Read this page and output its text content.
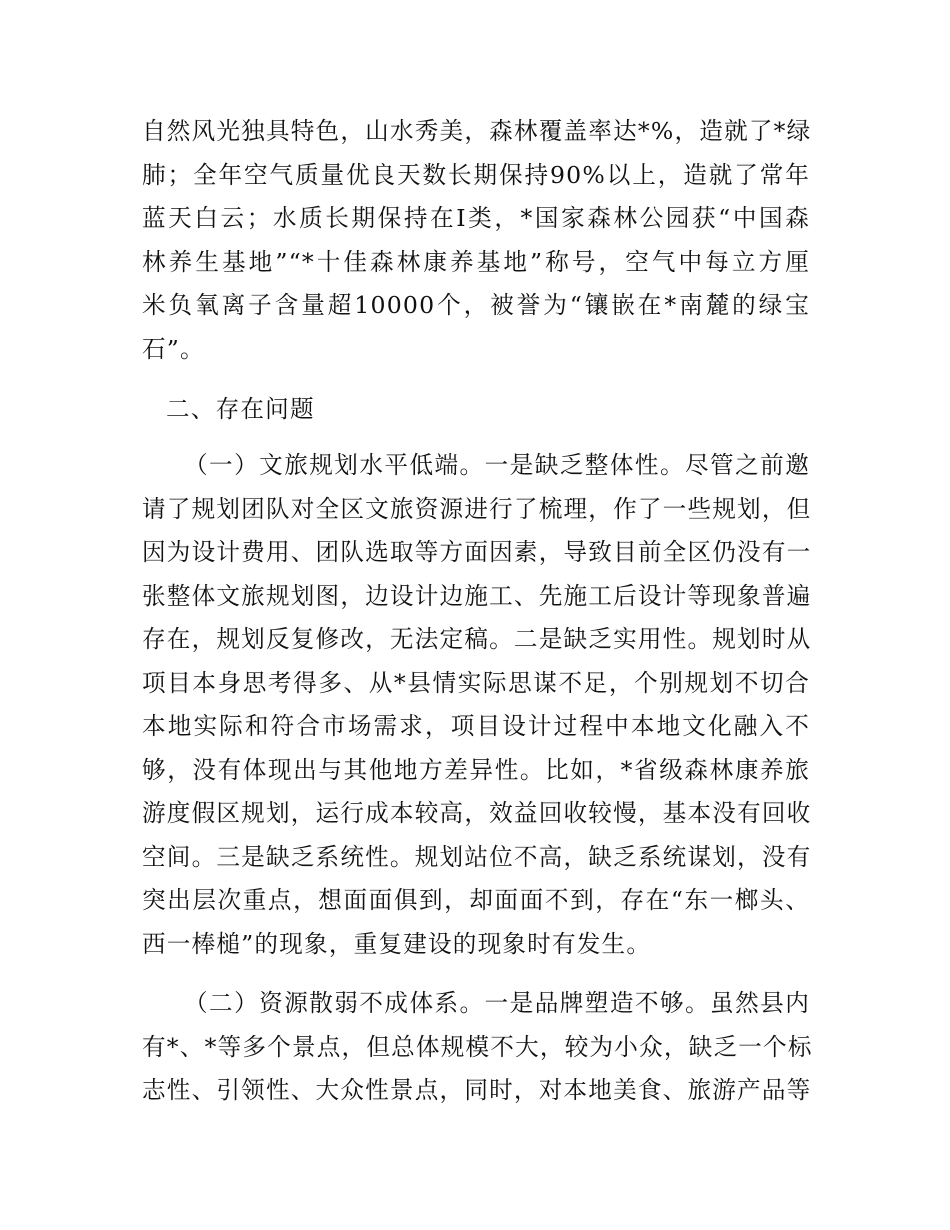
自然风光独具特色，山水秀美，森林覆盖率达*%，造就了*绿
肺；全年空气质量优良天数长期保持90%以上，造就了常年
蓝天白云；水质长期保持在Ⅰ类，*国家森林公园获“中国森
林养生基地”“*十佳森林康养基地”称号，空气中每立方厘
米负氧离子含量超10000个，被誉为“镶嵌在*南麓的绿宝
石”。
二、存在问题
（一）文旅规划水平低端。一是缺乏整体性。尽管之前邀
请了规划团队对全区文旅资源进行了梳理，作了一些规划，但
因为设计费用、团队选取等方面因素，导致目前全区仍没有一
张整体文旅规划图，边设计边施工、先施工后设计等现象普遍
存在，规划反复修改，无法定稿。二是缺乏实用性。规划时从
项目本身思考得多、从*县情实际思谋不足，个别规划不切合
本地实际和符合市场需求，项目设计过程中本地文化融入不
够，没有体现出与其他地方差异性。比如，*省级森林康养旅
游度假区规划，运行成本较高，效益回收较慢，基本没有回收
空间。三是缺乏系统性。规划站位不高，缺乏系统谋划，没有
突出层次重点，想面面俱到，却面面不到，存在“东一榔头、
西一棒槌”的现象，重复建设的现象时有发生。
（二）资源散弱不成体系。一是品牌塑造不够。虽然县内
有*、*等多个景点，但总体规模不大，较为小众，缺乏一个标
志性、引领性、大众性景点，同时，对本地美食、旅游产品等
